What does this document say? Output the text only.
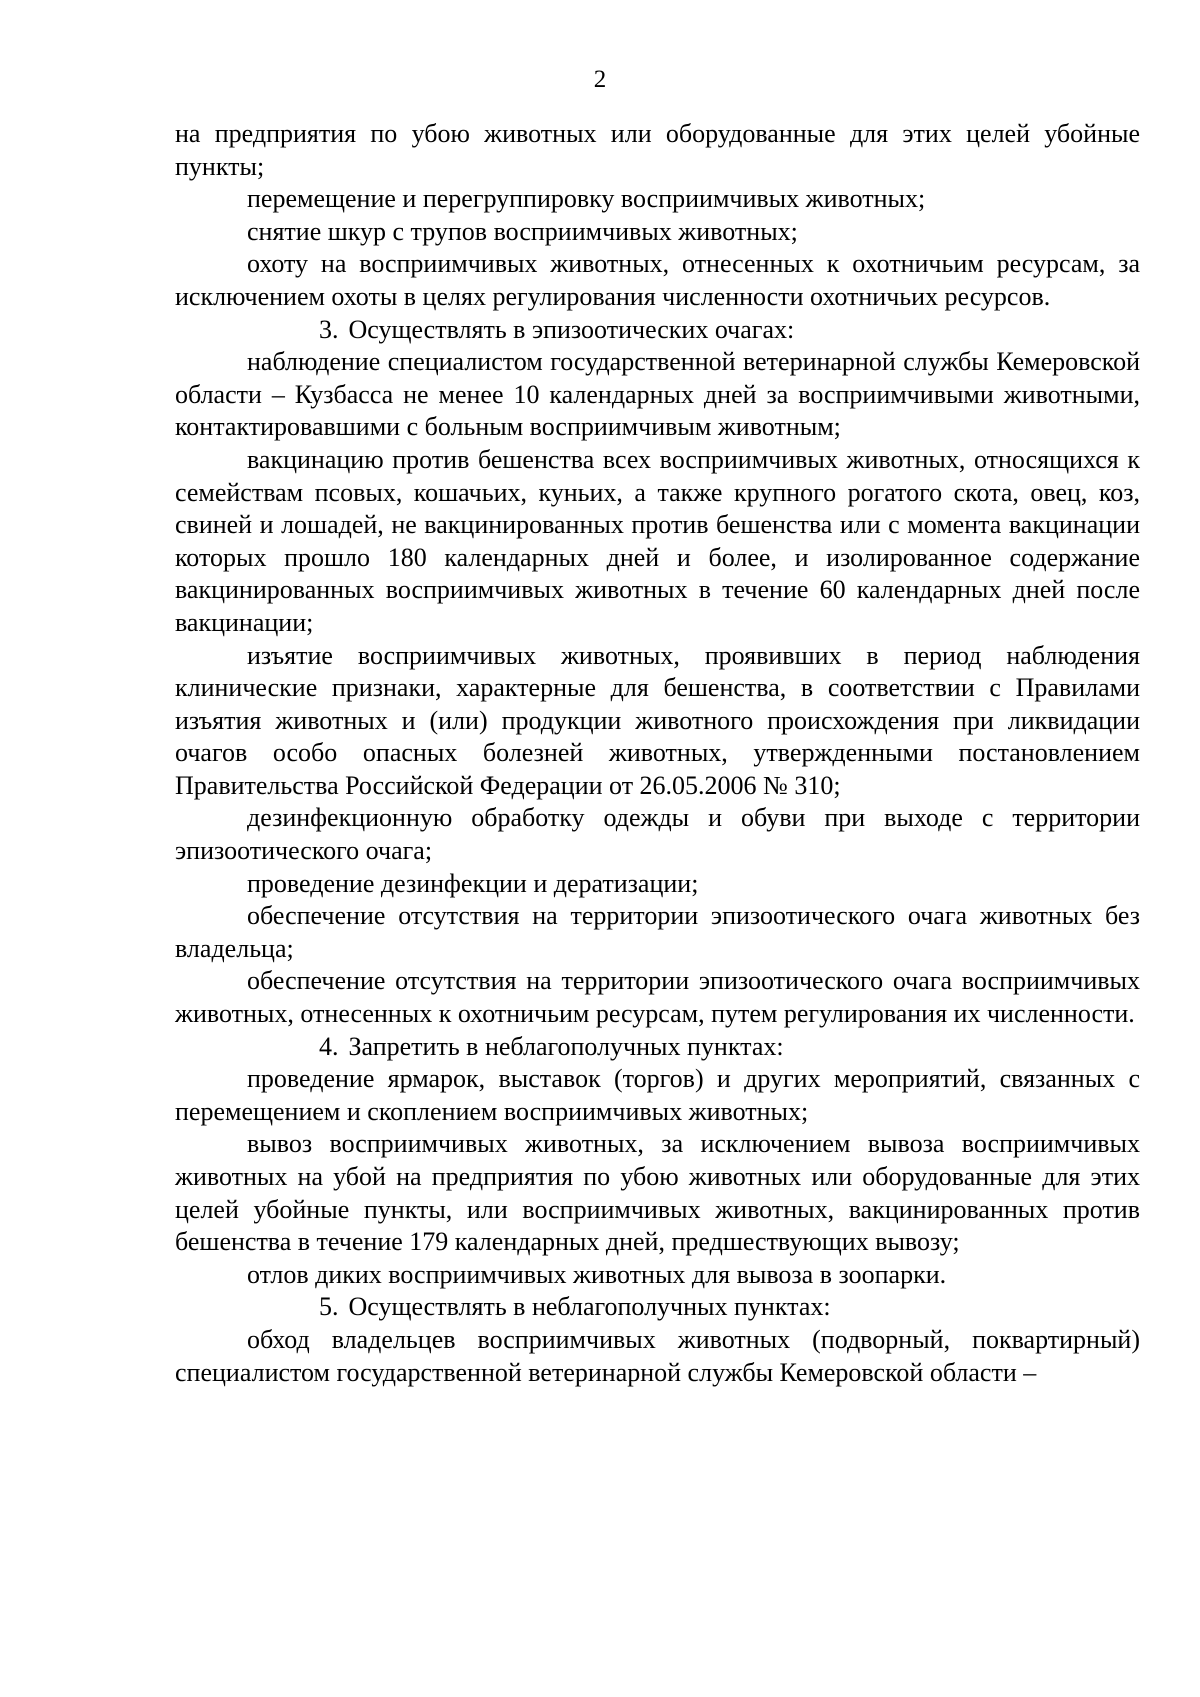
2

на предприятия по убою животных или оборудованные для этих целей убойные пункты;

перемещение и перегруппировку восприимчивых животных;

снятие шкур с трупов восприимчивых животных;

охоту на восприимчивых животных, отнесенных к охотничьим ресурсам, за исключением охоты в целях регулирования численности охотничьих ресурсов.

3. Осуществлять в эпизоотических очагах:

наблюдение специалистом государственной ветеринарной службы Кемеровской области – Кузбасса не менее 10 календарных дней за восприимчивыми животными, контактировавшими с больным восприимчивым животным;

вакцинацию против бешенства всех восприимчивых животных, относящихся к семействам псовых, кошачьих, куньих, а также крупного рогатого скота, овец, коз, свиней и лошадей, не вакцинированных против бешенства или с момента вакцинации которых прошло 180 календарных дней и более, и изолированное содержание вакцинированных восприимчивых животных в течение 60 календарных дней после вакцинации;

изъятие восприимчивых животных, проявивших в период наблюдения клинические признаки, характерные для бешенства, в соответствии с Правилами изъятия животных и (или) продукции животного происхождения при ликвидации очагов особо опасных болезней животных, утвержденными постановлением Правительства Российской Федерации от 26.05.2006 № 310;

дезинфекционную обработку одежды и обуви при выходе с территории эпизоотического очага;

проведение дезинфекции и дератизации;

обеспечение отсутствия на территории эпизоотического очага животных без владельца;

обеспечение отсутствия на территории эпизоотического очага восприимчивых животных, отнесенных к охотничьим ресурсам, путем регулирования их численности.

4. Запретить в неблагополучных пунктах:

проведение ярмарок, выставок (торгов) и других мероприятий, связанных с перемещением и скоплением восприимчивых животных;

вывоз восприимчивых животных, за исключением вывоза восприимчивых животных на убой на предприятия по убою животных или оборудованные для этих целей убойные пункты, или восприимчивых животных, вакцинированных против бешенства в течение 179 календарных дней, предшествующих вывозу;

отлов диких восприимчивых животных для вывоза в зоопарки.

5. Осуществлять в неблагополучных пунктах:

обход владельцев восприимчивых животных (подворный, поквартирный) специалистом государственной ветеринарной службы Кемеровской области –
